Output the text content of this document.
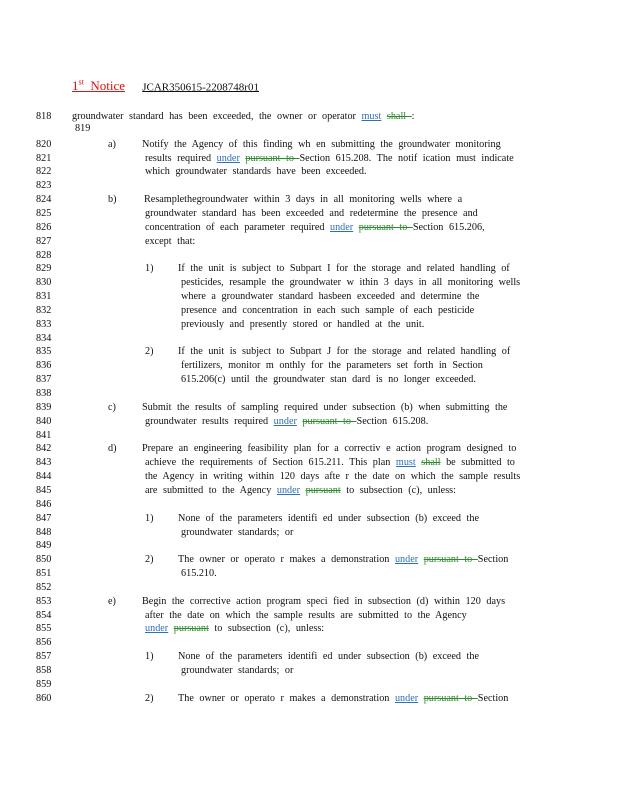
1st Notice JCAR350615-2208748r01
818 groundwater standard has been exceeded, the owner or operator must shall :
819
820	a)	Notify the Agency of this finding wh en submitting the groundwater monitoring
821	results required under pursuant to Section 615.208. The notif ication must indicate
822	which groundwater standards have been exceeded.
823
824	b)	Resamplethegroundwater within 3 days in all monitoring wells where a
825	groundwater standard has been exceeded and redetermine the presence and
826	concentration of each parameter required under pursuant to Section 615.206,
827	except that:
828
829	1) If the unit is subject to Subpart I for the storage and related handling of
830	pesticides, resample the groundwater w ithin 3 days in all monitoring wells
831	where a groundwater standard hasbeen exceeded and determine the
832	presence and concentration in each such sample of each pesticide
833	previously and presently stored or handled at the unit.
834
835	2) If the unit is subject to Subpart J for the storage and related handling of
836	fertilizers, monitor m onthly for the parameters set forth in Section
837	615.206(c) until the groundwater stan dard is no longer exceeded.
838
839	c)	Submit the results of sampling required under subsection (b) when submitting the
840	groundwater results required under pursuant to Section 615.208.
841
842	d)	Prepare an engineering feasibility plan for a correctiv e action program designed to
843	achieve the requirements of Section 615.211. This plan must shall be submitted to
844	the Agency in writing within 120 days afte r the date on which the sample results
845	are submitted to the Agency under pursuant to subsection (c), unless:
846
847	1) None of the parameters identifi ed under subsection (b) exceed the
848	groundwater standards; or
849
850	2) The owner or operato r makes a demonstration under pursuant to Section
851	615.210.
852
853	e)	Begin the corrective action program speci fied in subsection (d) within 120 days
854	after the date on which the sample results are submitted to the Agency
855	under pursuant to subsection (c), unless:
856
857	1) None of the parameters identifi ed under subsection (b) exceed the
858	groundwater standards; or
859
860	2) The owner or operato r makes a demonstration under pursuant to Section
